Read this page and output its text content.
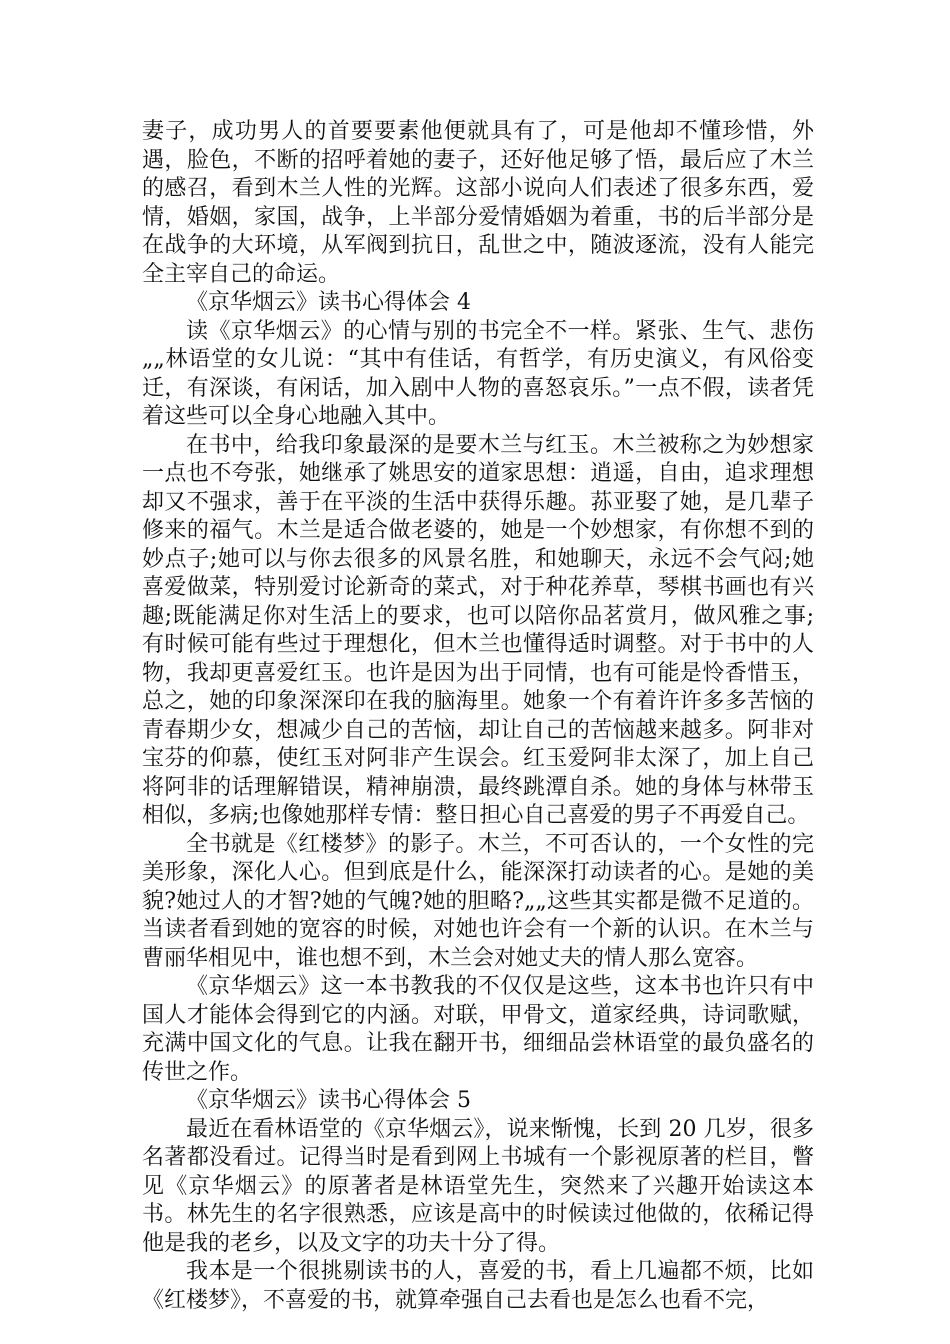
妻子，成功男人的首要要素他便就具有了，可是他却不懂珍惜，外遇，脸色，不断的招呼着她的妻子，还好他足够了悟，最后应了木兰的感召，看到木兰人性的光辉。这部小说向人们表述了很多东西，爱情，婚姻，家国，战争，上半部分爱情婚姻为着重，书的后半部分是在战争的大环境，从军阀到抗日，乱世之中，随波逐流，没有人能完全主宰自己的命运。

《京华烟云》读书心得体会 4

读《京华烟云》的心情与别的书完全不一样。紧张、生气、悲伤„„林语堂的女儿说：“其中有佳话，有哲学，有历史演义，有风俗变迁，有深谈，有闲话，加入剧中人物的喜怒哀乐。”一点不假，读者凭着这些可以全身心地融入其中。

在书中，给我印象最深的是要木兰与红玉。木兰被称之为妙想家一点也不夸张，她继承了姚思安的道家思想：逍遥，自由，追求理想却又不强求，善于在平淡的生活中获得乐趣。荪亚娶了她，是几辈子修来的福气。木兰是适合做老婆的，她是一个妙想家，有你想不到的妙点子;她可以与你去很多的风景名胜，和她聊天，永远不会气闷;她喜爱做菜，特别爱讨论新奇的菜式，对于种花养草，琴棋书画也有兴趣;既能满足你对生活上的要求，也可以陪你品茗赏月，做风雅之事;有时候可能有些过于理想化，但木兰也懂得适时调整。对于书中的人物，我却更喜爱红玉。也许是因为出于同情，也有可能是怜香惜玉，总之，她的印象深深印在我的脑海里。她象一个有着许许多多苦恼的青春期少女，想减少自己的苦恼，却让自己的苦恼越来越多。阿非对宝芬的仰慕，使红玉对阿非产生误会。红玉爱阿非太深了，加上自己将阿非的话理解错误，精神崩溃，最终跳潭自杀。她的身体与林带玉相似，多病;也像她那样专情：整日担心自己喜爱的男子不再爱自己。

全书就是《红楼梦》的影子。木兰，不可否认的，一个女性的完美形象，深化人心。但到底是什么，能深深打动读者的心。是她的美貌?她过人的才智?她的气魄?她的胆略?„„这些其实都是微不足道的。当读者看到她的宽容的时候，对她也许会有一个新的认识。在木兰与曹丽华相见中，谁也想不到，木兰会对她丈夫的情人那么宽容。

《京华烟云》这一本书教我的不仅仅是这些，这本书也许只有中国人才能体会得到它的内涵。对联，甲骨文，道家经典，诗词歌赋，充满中国文化的气息。让我在翻开书，细细品尝林语堂的最负盛名的传世之作。

《京华烟云》读书心得体会 5

最近在看林语堂的《京华烟云》，说来惭愧，长到 20 几岁，很多名著都没看过。记得当时是看到网上书城有一个影视原著的栏目，瞥见《京华烟云》的原著者是林语堂先生，突然来了兴趣开始读这本书。林先生的名字很熟悉，应该是高中的时候读过他做的，依稀记得他是我的老乡，以及文字的功夫十分了得。

我本是一个很挑剔读书的人，喜爱的书，看上几遍都不烦，比如《红楼梦》，不喜爱的书，就算牵强自己去看也是怎么也看不完，
